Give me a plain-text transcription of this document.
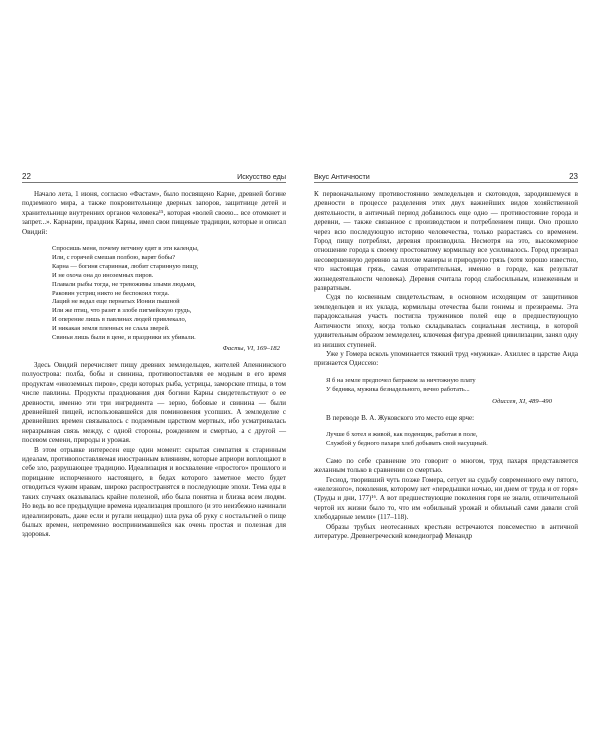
22	Искусство еды

Начало лета, 1 июня, согласно «Фастам», было посвящено Карне, древней богине подземного мира, а также покровительнице дверных запоров, защитнице детей и хранительнице внутренних органов человека¹⁵, которая «волей своею... все отомкнет и запрет...». Карнарии, праздник Карны, имел свои пищевые традиции, которые и описал Овидий:

Спросишь меня, почему ветчину едят в эти календы,
Или, с горячей смешав полбою, варят бобы?
Карна — богиня старинная, любит старинную пищу,
И не охоча она до иноземных пиров.
Плавали рыбы тогда, не тревожимы злыми людьми,
Раковин устриц никто не беспокоил тогда.
Лаций не ведал еще пернатых Ионии пышной
Или же птиц, что разят в злобе пигмейскую грудь,
И оперение лишь в павлинах людей привлекало,
И никакая земля пленных не слала зверей.
Свиньи лишь были в цене, и праздники их убивали.
Фасты, VI, 169–182

Здесь Овидий перечисляет пищу древних земледельцев, жителей Апеннинского полуострова: полба, бобы и свинина, противопоставляя ее модным в его время продуктам «иноземных пиров», среди которых рыба, устрицы, заморские птицы, в том числе павлины. Продукты празднования дня богини Карны свидетельствуют о ее древности, именно эти три ингредиента — зерно, бобовые и свинина — были древнейшей пищей, использовавшейся для поминовения усопших. А земледелие с древнейших времен связывалось с подземным царством мертвых, ибо усматривалась неразрывная связь между, с одной стороны, рождением и смертью, а с другой — посевом семени, природы и урожая.

В этом отрывке интересен еще один момент: скрытая симпатия к старинным идеалам, противопоставляемая иностранным влияниям, которые априори воплощают в себе зло, разрушающее традицию. Идеализация и восхваление «простого» прошлого и порицание испорченного настоящего, в бедах которого заметное место будет отводиться чужим нравам, широко распространятся в последующие эпохи. Тема еды в таких случаях оказывалась крайне полезной, ибо была понятна и близка всем людям. Но ведь во все предыдущие времена идеализация прошлого (и это неизбежно начинали идеализировать, даже если и ругали нещадно) шла рука об руку с ностальгией о пище былых времен, непременно воспринимавшейся как очень простая и полезная для здоровья.

Вкус Античности	23

К первоначальному противостоянию земледельцев и скотоводов, зародившемуся в древности в процессе разделения этих двух важнейших видов хозяйственной деятельности, в античный период добавилось еще одно — противостояние города и деревни, — также связанное с производством и потреблением пищи. Оно прошло через всю последующую историю человечества, только разрастаясь со временем. Город пищу потреблял, деревня производила. Несмотря на это, высокомерное отношение города к своему простоватому кормильцу все усиливалось. Город презирал несовершенную деревню за плохие манеры и природную грязь (хотя хорошо известно, что настоящая грязь, самая отвратительная, именно в городе, как результат жизнедеятельности человека). Деревня считала город слабосильным, изнеженным и развратным.

Судя по косвенным свидетельствам, в основном исходящим от защитников земледельцев и их уклада, кормильцы отечества были гонимы и презираемы. Эта парадоксальная участь постигла тружеников полей еще в предшествующую Античности эпоху, когда только складывалась социальная лестница, в которой удивительным образом земледелец, ключевая фигура древней цивилизации, занял одну из низших ступеней.

Уже у Гомера всколь упоминается тяжкий труд «мужика». Ахиллес в царстве Аида признается Одиссею:

Я б на земле предпочел батраком за ничтожную плату
У бедняка, мужика безнадельного, вечно работать...
Одиссея, XI, 489–490

В переводе В. А. Жуковского это место еще ярче:

Лучше б хотел я живой, как поденщик, работая в поле,
Службой у бедного пахаря хлеб добывать свой насущный.

Само по себе сравнение это говорит о многом, труд пахаря представляется желанным только в сравнении со смертью.

Гесиод, творивший чуть позже Гомера, сетует на судьбу современного ему пятого, «железного», поколения, которому нет «передышки ночью, ни днем от труда и от горя» (Труды и дни, 177)¹⁶. А вот предшествующие поколения горя не знали, отличительной чертой их жизни было то, что им «обильный урожай и обильный сами давали сгой хлебодарные земли» (117–118).

Образы трубых неотесанных крестьян встречаются повсеместно в античной литературе. Древнегреческий комедиограф Менандр
